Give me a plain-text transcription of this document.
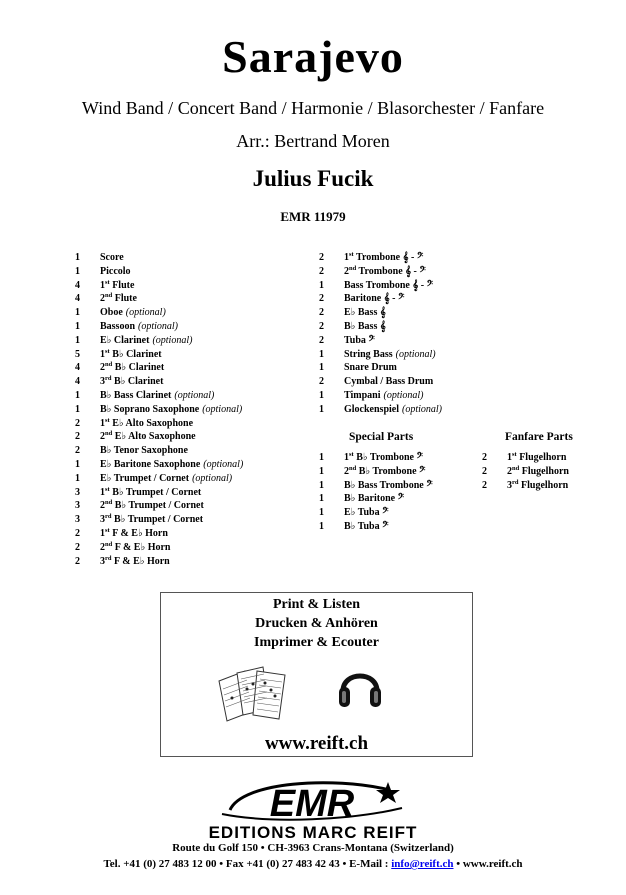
Sarajevo
Wind Band / Concert Band / Harmonie / Blasorchester / Fanfare
Arr.: Bertrand Moren
Julius Fucik
EMR 11979
1	Score
1	Piccolo
4	1st Flute
4	2nd Flute
1	Oboe (optional)
1	Bassoon (optional)
1	E♭ Clarinet (optional)
5	1st B♭ Clarinet
4	2nd B♭ Clarinet
4	3rd B♭ Clarinet
1	B♭ Bass Clarinet (optional)
1	B♭ Soprano Saxophone (optional)
2	1st E♭ Alto Saxophone
2	2nd E♭ Alto Saxophone
2	B♭ Tenor Saxophone
1	E♭ Baritone Saxophone (optional)
1	E♭ Trumpet / Cornet (optional)
3	1st B♭ Trumpet / Cornet
3	2nd B♭ Trumpet / Cornet
3	3rd B♭ Trumpet / Cornet
2	1st F & E♭ Horn
2	2nd F & E♭ Horn
2	3rd F & E♭ Horn
2	1st Trombone 𝄞 - 𝄢
2	2nd Trombone 𝄞 - 𝄢
1	Bass Trombone 𝄞 - 𝄢
2	Baritone 𝄞 - 𝄢
2	E♭ Bass 𝄞
2	B♭ Bass 𝄞
2	Tuba 𝄢
1	String Bass (optional)
1	Snare Drum
2	Cymbal / Bass Drum
1	Timpani (optional)
1	Glockenspiel (optional)
Special Parts
1	1st B♭ Trombone 𝄢
1	2nd B♭ Trombone 𝄢
1	B♭ Bass Trombone 𝄢
1	B♭ Baritone 𝄢
1	E♭ Tuba 𝄢
1	B♭ Tuba 𝄢
Fanfare Parts
2	1st Flugelhorn
2	2nd Flugelhorn
2	3rd Flugelhorn
Print & Listen
Drucken & Anhören
Imprimer & Ecouter
www.reift.ch
EMR
EDITIONS MARC REIFT
Route du Golf 150 • CH-3963 Crans-Montana (Switzerland)
Tel. +41 (0) 27 483 12 00 • Fax +41 (0) 27 483 42 43 • E-Mail : info@reift.ch • www.reift.ch
